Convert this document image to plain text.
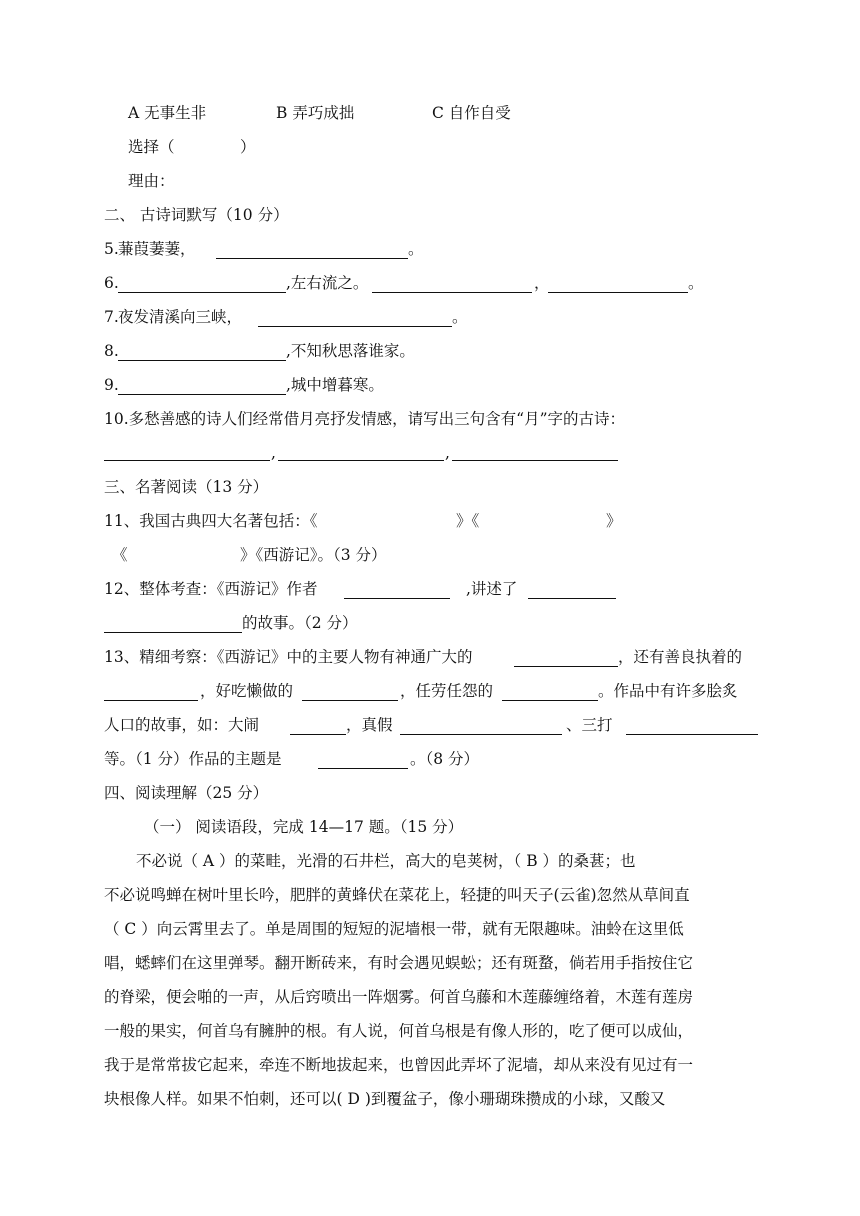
A 无事生非	B 弄巧成拙	C 自作自受
选择（	）
理由：
二、 古诗词默写（10 分）
5. 蒹葭萋萋，	。
6.	,左右流之。	，	。
7. 夜发清溪向三峡，	。
8.	,不知秋思落谁家。
9.	,城中增暮寒。
10.多愁善感的诗人们经常借月亮抒发情感，请写出三句含有“月”字的古诗：
,	,
三、名著阅读（13 分）
11、我国古典四大名著包括：《	》《	》
《	》《西游记》。（3 分）
12、整体考查：《西游记》作者	,讲述了
的故事。（2 分）
13、精细考察：《西游记》中的主要人物有神通广大的	，还有善良执着的
，好吃懒做的	，任劳任怨的	。作品中有许多脍炙
人口的故事，如：大闹	，真假	、三打
等。（1 分）作品的主题是	。（8 分）
四、阅读理解（25 分）
（一） 阅读语段，完成 14—17 题。（15 分）
不必说（ A ）的菜畦，光滑的石井栏，高大的皂荚树，（ B ）的桑葚；也
不必说鸣蝉在树叶里长吟，肥胖的黄蜂伏在菜花上，轻捷的叫天子(云雀)忽然从草间直
（ C ）向云霄里去了。单是周围的短短的泥墙根一带，就有无限趣味。油蛉在这里低
唱，蟋蟀们在这里弹琴。翻开断砖来，有时会遇见蜈蚣；还有斑蝥，倘若用手指按住它
的脊梁，便会啪的一声，从后窍喷出一阵烟雾。何首乌藤和木莲藤缠络着，木莲有莲房
一般的果实，何首乌有臃肿的根。有人说，何首乌根是有像人形的，吃了便可以成仙，
我于是常常拔它起来，牵连不断地拔起来，也曾因此弄坏了泥墙，却从来没有见过有一
块根像人样。如果不怕刺，还可以( D )到覆盆子，像小珊瑚珠攒成的小球，又酸又
